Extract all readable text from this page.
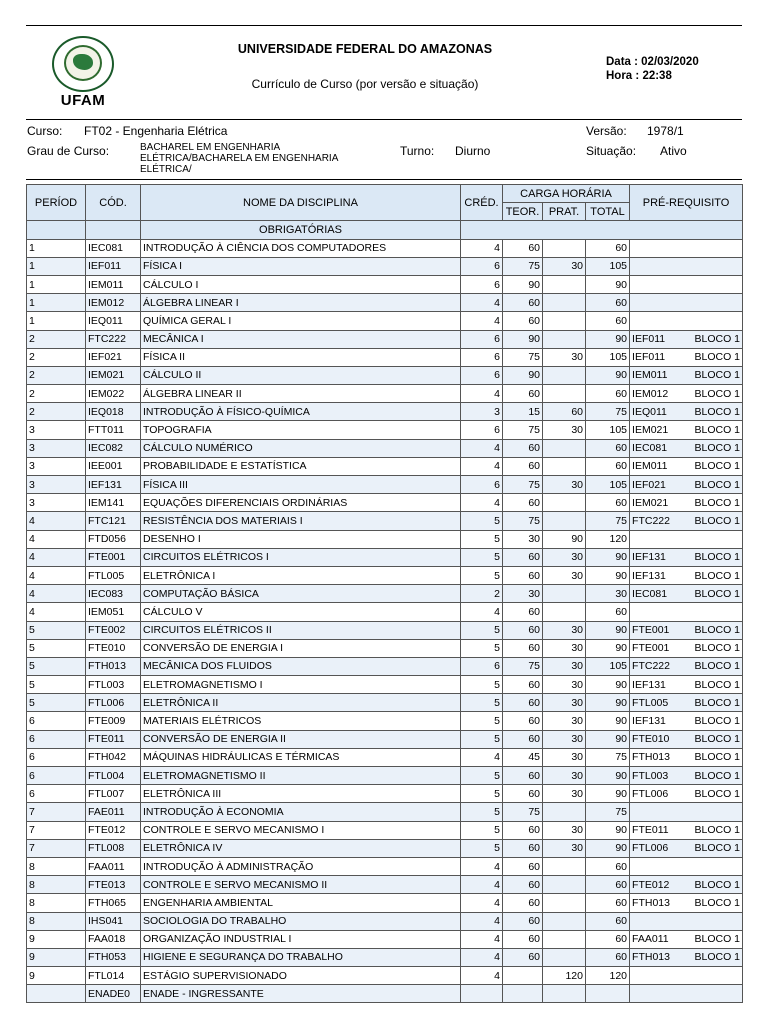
UFAM
UNIVERSIDADE FEDERAL DO AMAZONAS
Currículo de Curso (por versão e situação)
Data : 02/03/2020
Hora : 22:38
Curso: FT02 - Engenharia Elétrica	Versão: 1978/1
Grau de Curso:	BACHAREL EM ENGENHARIA ELÉTRICA/BACHARELA EM ENGENHARIA ELÉTRICA/
Turno: Diurno	Situação: Ativo
PERÍOD	CÓD.	NOME DA DISCIPLINA	CRÉD.	CARGA HORÁRIA			PRÉ-REQUISITO
				TEOR.	PRAT.	TOTAL	
		OBRIGATÓRIAS					
1	IEC081	INTRODUÇÃO À CIÊNCIA DOS COMPUTADORES	4	60		60	

1	IEF011	FÍSICA I	6	75	30	105	

1	IEM011	CÁLCULO I	6	90		90	

1	IEM012	ÁLGEBRA LINEAR I	4	60		60	

1	IEQ011	QUÍMICA GERAL I	4	60		60	

2	FTC222	MECÂNICA I	6	90		90	IEF011 BLOCO 1

2	IEF021	FÍSICA II	6	75	30	105	IEF011 BLOCO 1

2	IEM021	CÁLCULO II	6	90		90	IEM011 BLOCO 1

2	IEM022	ÁLGEBRA LINEAR II	4	60		60	IEM012 BLOCO 1

2	IEQ018	INTRODUÇÃO À FÍSICO-QUÍMICA	3	15	60	75	IEQ011 BLOCO 1

3	FTT011	TOPOGRAFIA	6	75	30	105	IEM021 BLOCO 1

3	IEC082	CÁLCULO NUMÉRICO	4	60		60	IEC081 BLOCO 1

3	IEE001	PROBABILIDADE E ESTATÍSTICA	4	60		60	IEM011 BLOCO 1

3	IEF131	FÍSICA III	6	75	30	105	IEF021 BLOCO 1

3	IEM141	EQUAÇÕES DIFERENCIAIS ORDINÁRIAS	4	60		60	IEM021 BLOCO 1

4	FTC121	RESISTÊNCIA DOS MATERIAIS I	5	75		75	FTC222 BLOCO 1

4	FTD056	DESENHO I	5	30	90	120	

4	FTE001	CIRCUITOS ELÉTRICOS I	5	60	30	90	IEF131 BLOCO 1

4	FTL005	ELETRÔNICA I	5	60	30	90	IEF131 BLOCO 1

4	IEC083	COMPUTAÇÃO BÁSICA	2	30		30	IEC081 BLOCO 1

4	IEM051	CÁLCULO V	4	60		60	

5	FTE002	CIRCUITOS ELÉTRICOS II	5	60	30	90	FTE001 BLOCO 1

5	FTE010	CONVERSÃO DE ENERGIA I	5	60	30	90	FTE001 BLOCO 1

5	FTH013	MECÂNICA DOS FLUIDOS	6	75	30	105	FTC222 BLOCO 1

5	FTL003	ELETROMAGNETISMO I	5	60	30	90	IEF131 BLOCO 1

5	FTL006	ELETRÔNICA II	5	60	30	90	FTL005 BLOCO 1

6	FTE009	MATERIAIS ELÉTRICOS	5	60	30	90	IEF131 BLOCO 1

6	FTE011	CONVERSÃO DE ENERGIA II	5	60	30	90	FTE010 BLOCO 1

6	FTH042	MÁQUINAS HIDRÁULICAS E TÉRMICAS	4	45	30	75	FTH013 BLOCO 1

6	FTL004	ELETROMAGNETISMO II	5	60	30	90	FTL003 BLOCO 1

6	FTL007	ELETRÔNICA III	5	60	30	90	FTL006 BLOCO 1

7	FAE011	INTRODUÇÃO À ECONOMIA	5	75		75	

7	FTE012	CONTROLE E SERVO MECANISMO I	5	60	30	90	FTE011 BLOCO 1

7	FTL008	ELETRÔNICA IV	5	60	30	90	FTL006 BLOCO 1

8	FAA011	INTRODUÇÃO À ADMINISTRAÇÃO	4	60		60	

8	FTE013	CONTROLE E SERVO MECANISMO II	4	60		60	FTE012 BLOCO 1

8	FTH065	ENGENHARIA AMBIENTAL	4	60		60	FTH013 BLOCO 1

8	IHS041	SOCIOLOGIA DO TRABALHO	4	60		60	

9	FAA018	ORGANIZAÇÃO INDUSTRIAL I	4	60		60	FAA011 BLOCO 1

9	FTH053	HIGIENE E SEGURANÇA DO TRABALHO	4	60		60	FTH013 BLOCO 1

9	FTL014	ESTÁGIO SUPERVISIONADO	4		120	120	

	ENADE0	ENADE - INGRESSANTE					
